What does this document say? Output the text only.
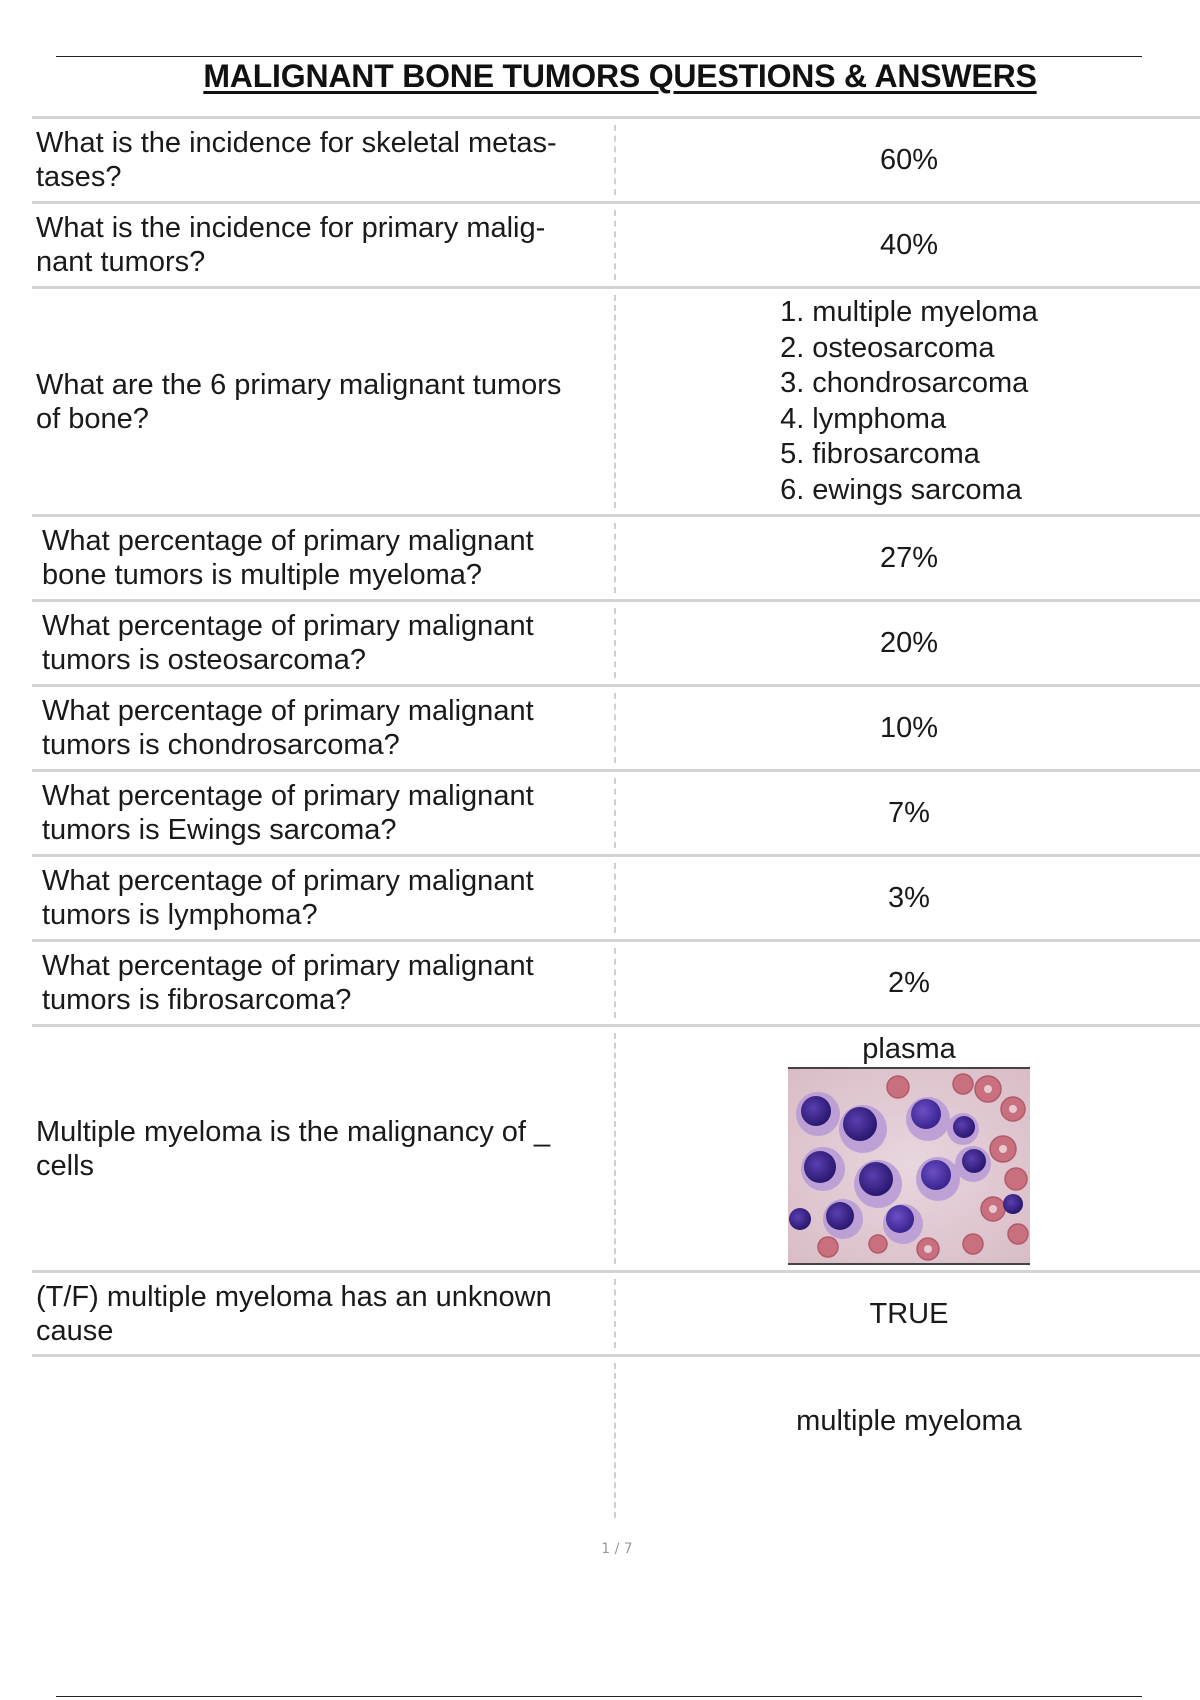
MALIGNANT BONE TUMORS QUESTIONS & ANSWERS
What is the incidence for skeletal metas-
tases?
60%
What is the incidence for primary malig-
nant tumors?
40%
What are the 6 primary malignant tumors
of bone?
1. multiple myeloma
2. osteosarcoma
3. chondrosarcoma
4. lymphoma
5. fibrosarcoma
6. ewings sarcoma
What percentage of primary malignant
bone tumors is multiple myeloma?
27%
What percentage of primary malignant
tumors is osteosarcoma?
20%
What percentage of primary malignant
tumors is chondrosarcoma?
10%
What percentage of primary malignant
tumors is Ewings sarcoma?
7%
What percentage of primary malignant
tumors is lymphoma?
3%
What percentage of primary malignant
tumors is fibrosarcoma?
2%
Multiple myeloma is the malignancy of _
cells
plasma
(T/F) multiple myeloma has an unknown
cause
TRUE
multiple myeloma
1 / 7
